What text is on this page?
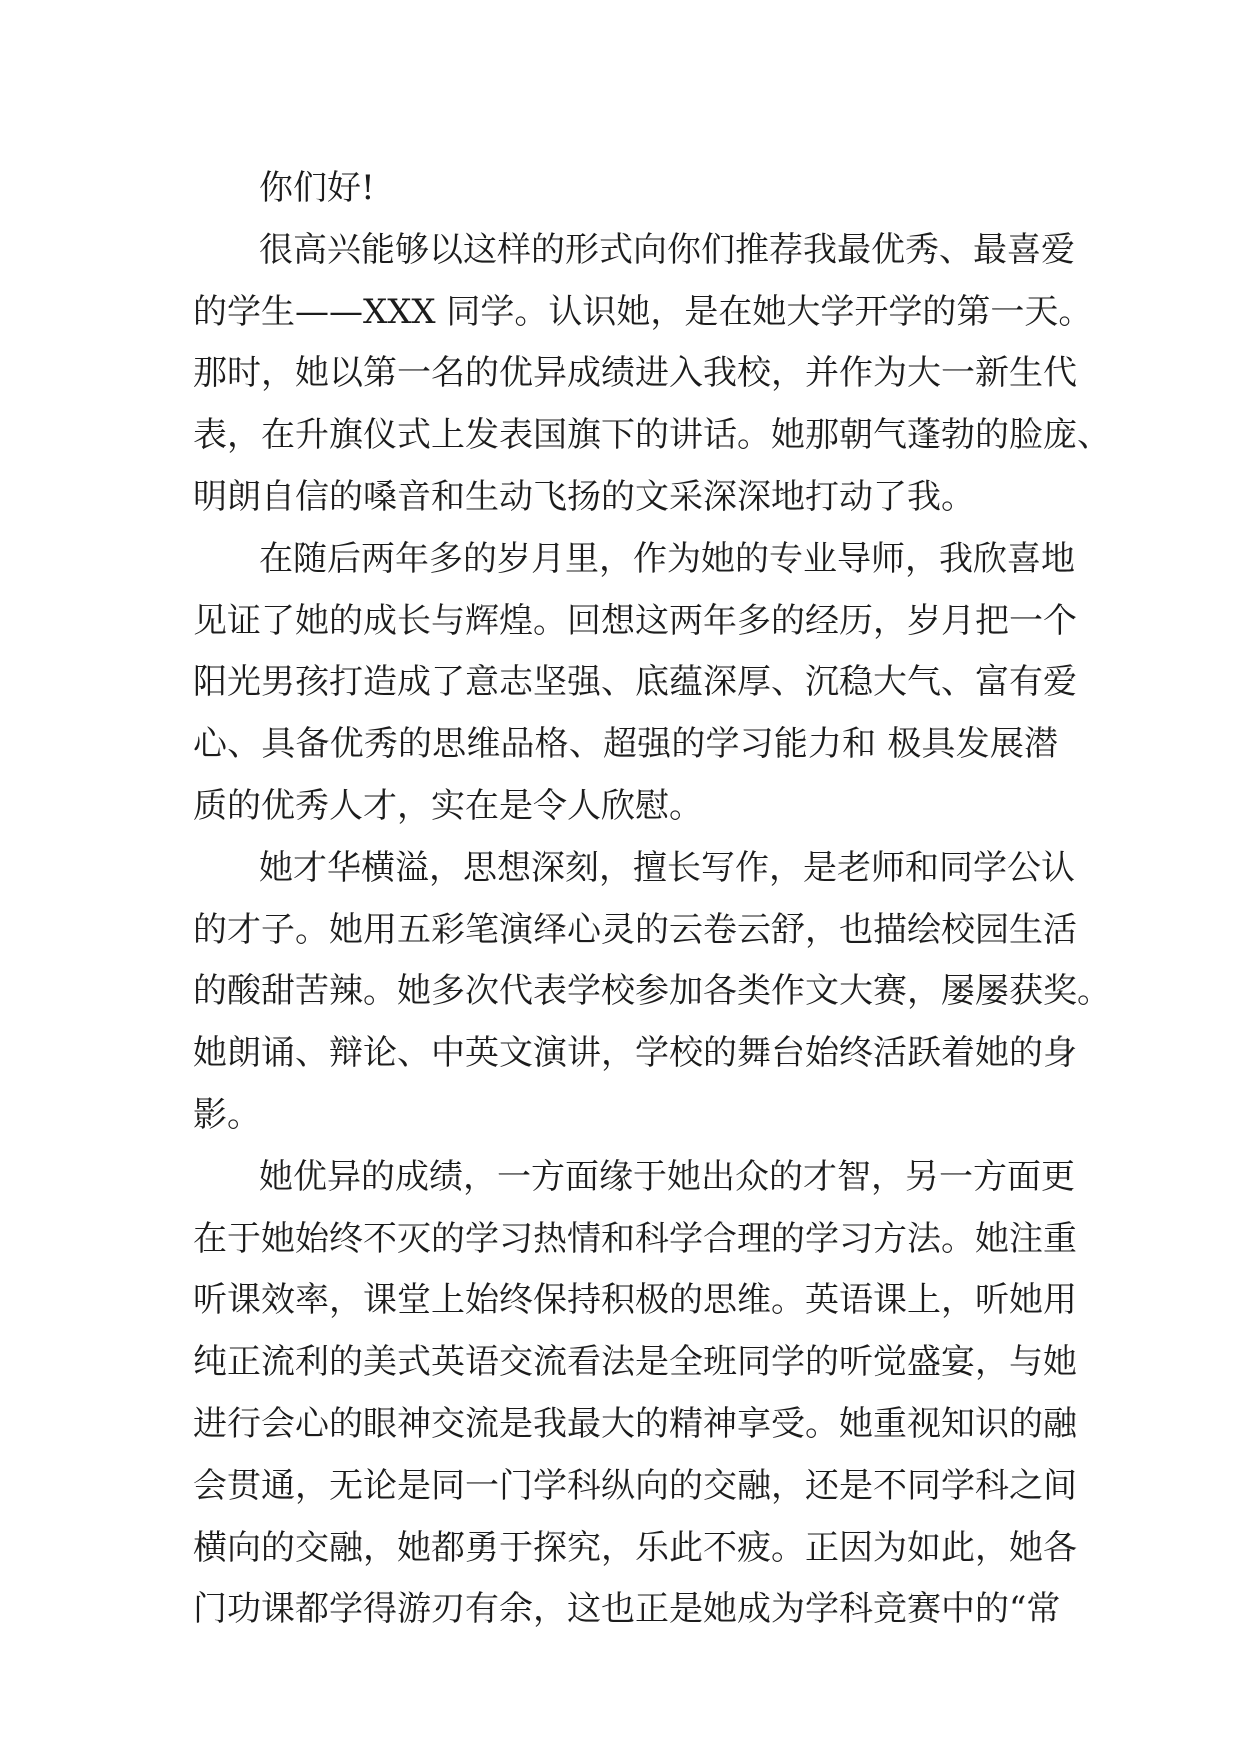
你们好!
很高兴能够以这样的形式向你们推荐我最优秀、最喜爱
的学生——XXX 同学。认识她，是在她大学开学的第一天。
那时，她以第一名的优异成绩进入我校，并作为大一新生代
表，在升旗仪式上发表国旗下的讲话。她那朝气蓬勃的脸庞、
明朗自信的嗓音和生动飞扬的文采深深地打动了我。
在随后两年多的岁月里，作为她的专业导师，我欣喜地
见证了她的成长与辉煌。回想这两年多的经历，岁月把一个
阳光男孩打造成了意志坚强、底蕴深厚、沉稳大气、富有爱
心、具备优秀的思维品格、超强的学习能力和 极具发展潜
质的优秀人才，实在是令人欣慰。
她才华横溢，思想深刻，擅长写作，是老师和同学公认
的才子。她用五彩笔演绎心灵的云卷云舒，也描绘校园生活
的酸甜苦辣。她多次代表学校参加各类作文大赛，屡屡获奖。
她朗诵、辩论、中英文演讲，学校的舞台始终活跃着她的身
影。
她优异的成绩，一方面缘于她出众的才智，另一方面更
在于她始终不灭的学习热情和科学合理的学习方法。她注重
听课效率，课堂上始终保持积极的思维。英语课上，听她用
纯正流利的美式英语交流看法是全班同学的听觉盛宴，与她
进行会心的眼神交流是我最大的精神享受。她重视知识的融
会贯通，无论是同一门学科纵向的交融，还是不同学科之间
横向的交融，她都勇于探究，乐此不疲。正因为如此，她各
门功课都学得游刃有余，这也正是她成为学科竞赛中的“常
